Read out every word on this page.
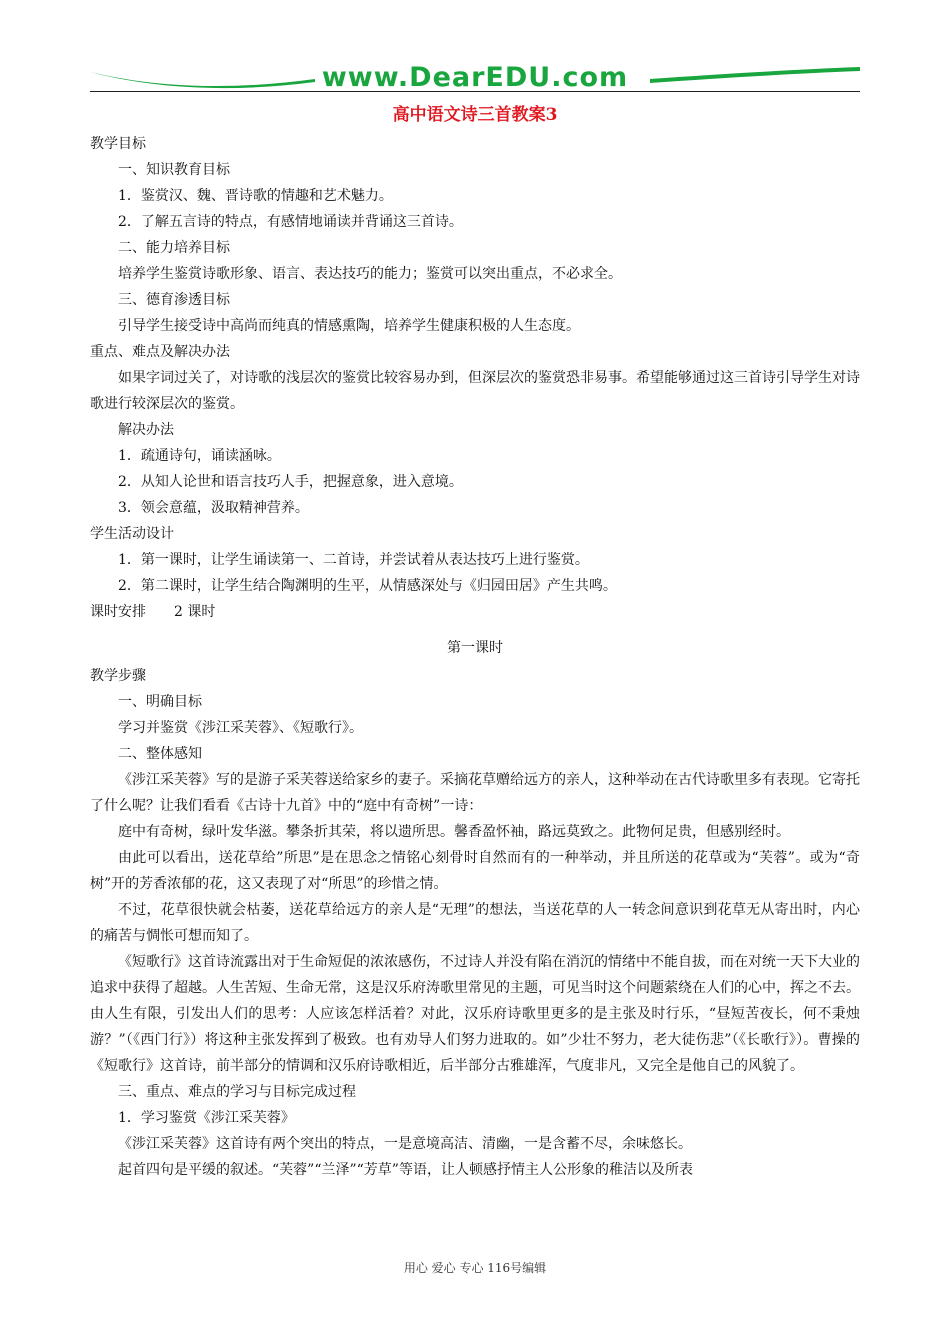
www.DearEDU.com
高中语文诗三首教案3

教学目标

一、知识教育目标

1．鉴赏汉、魏、晋诗歌的情趣和艺术魅力。

2．了解五言诗的特点，有感情地诵读并背诵这三首诗。

二、能力培养目标

培养学生鉴赏诗歌形象、语言、表达技巧的能力；鉴赏可以突出重点，不必求全。

三、德育渗透目标

引导学生接受诗中高尚而纯真的情感熏陶，培养学生健康积极的人生态度。

重点、难点及解决办法

如果字词过关了，对诗歌的浅层次的鉴赏比较容易办到，但深层次的鉴赏恐非易事。希望能够通过这三首诗引导学生对诗歌进行较深层次的鉴赏。

解决办法

1．疏通诗句，诵读涵咏。

2．从知人论世和语言技巧人手，把握意象，进入意境。

3．领会意蕴，汲取精神营养。

学生活动设计

1．第一课时，让学生诵读第一、二首诗，并尝试着从表达技巧上进行鉴赏。

2．第二课时，让学生结合陶渊明的生平，从情感深处与《归园田居》产生共鸣。

课时安排　　2 课时

第一课时

教学步骤

一、明确目标

学习并鉴赏《涉江采芙蓉》、《短歌行》。

二、整体感知

《涉江采芙蓉》写的是游子采芙蓉送给家乡的妻子。采摘花草赠给远方的亲人，这种举动在古代诗歌里多有表现。它寄托了什么呢？让我们看看《古诗十九首》中的“庭中有奇树”一诗：

庭中有奇树，绿叶发华滋。攀条折其荣，将以遗所思。馨香盈怀袖，路远莫致之。此物何足贵，但感别经时。

由此可以看出，送花草给”所思”是在思念之情铭心刻骨时自然而有的一种举动，并且所送的花草或为“芙蓉”。或为“奇树”开的芳香浓郁的花，这又表现了对“所思”的珍惜之情。

不过，花草很快就会枯萎，送花草给远方的亲人是“无理”的想法，当送花草的人一转念间意识到花草无从寄出时，内心的痛苦与惆怅可想而知了。

《短歌行》这首诗流露出对于生命短促的浓浓感伤，不过诗人并没有陷在消沉的情绪中不能自拔，而在对统一天下大业的追求中获得了超越。人生苦短、生命无常，这是汉乐府涛歌里常见的主题，可见当时这个问题萦绕在人们的心中，挥之不去。由人生有限，引发出人们的思考：人应该怎样活着？对此，汉乐府诗歌里更多的是主张及时行乐，“昼短苦夜长，何不秉烛游？”（《西门行》）将这种主张发挥到了极致。也有劝导人们努力进取的。如”少壮不努力，老大徒伤悲”（《长歌行》）。曹操的《短歌行》这首诗，前半部分的情调和汉乐府诗歌相近，后半部分古雅雄浑，气度非凡，又完全是他自己的风貌了。

三、重点、难点的学习与目标完成过程

1．学习鉴赏《涉江采芙蓉》

《涉江采芙蓉》这首诗有两个突出的特点，一是意境高洁、清幽，一是含蓄不尽，余味悠长。

起首四句是平缓的叙述。“芙蓉”“兰泽”“芳草”等语，让人顿感抒情主人公形象的稚洁以及所表

用心 爱心 专心 116号编辑
